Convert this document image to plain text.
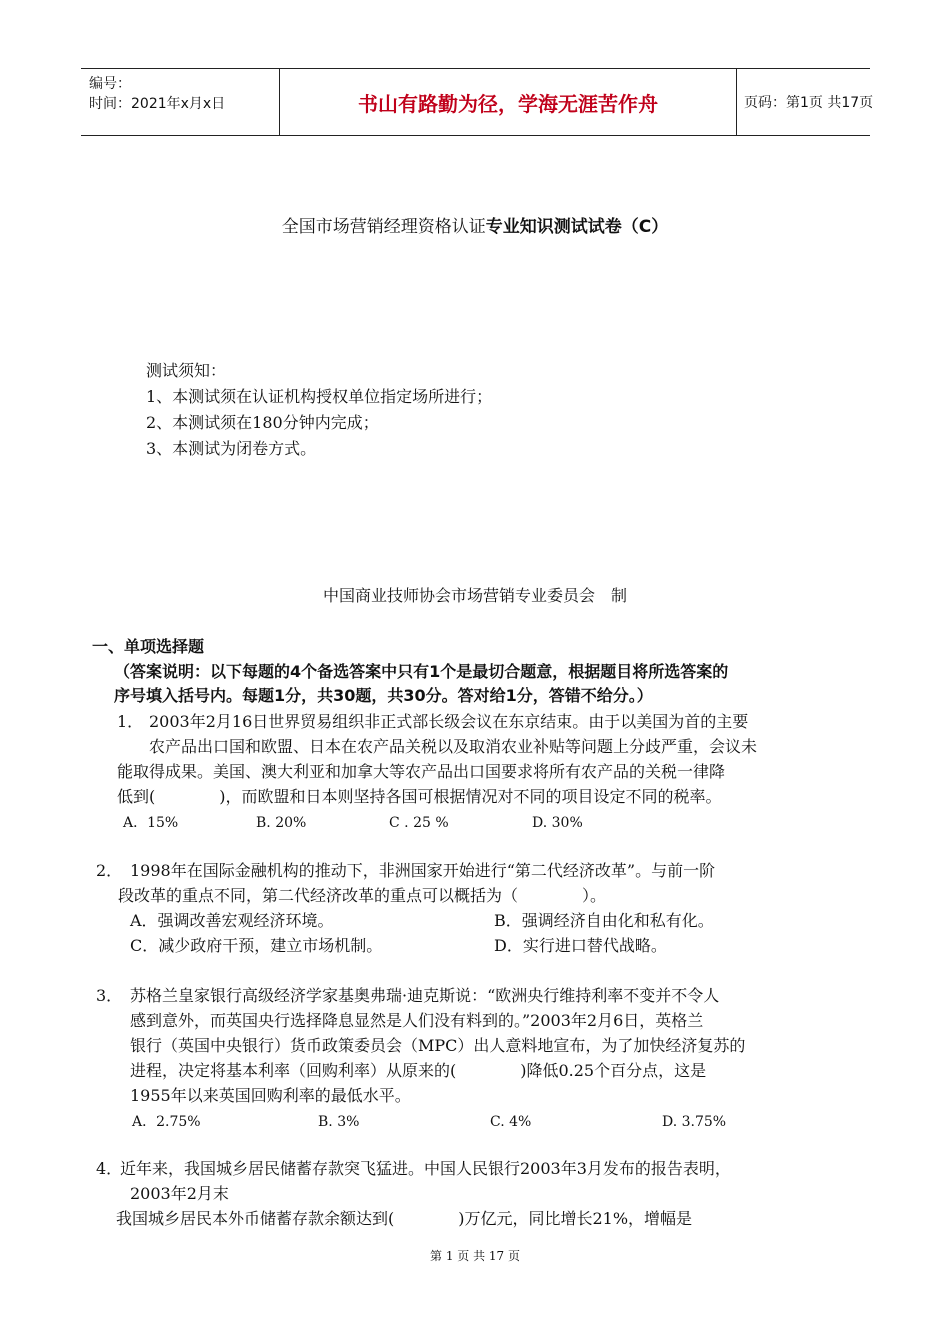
编号：
时间：2021年x月x日	书山有路勤为径，学海无涯苦作舟	页码：第1页 共17页
全国市场营销经理资格认证专业知识测试试卷（C）
测试须知：
1、本测试须在认证机构授权单位指定场所进行；
2、本测试须在180分钟内完成；
3、本测试为闭卷方式。
中国商业技师协会市场营销专业委员会　制
一、单项选择题
（答案说明：以下每题的4个备选答案中只有1个是最切合题意，根据题目将所选答案的
序号填入括号内。每题1分，共30题，共30分。答对给1分，答错不给分。）
1． 2003年2月16日世界贸易组织非正式部长级会议在东京结束。由于以美国为首的主要
农产品出口国和欧盟、日本在农产品关税以及取消农业补贴等问题上分歧严重，会议未
能取得成果。美国、澳大利亚和加拿大等农产品出口国要求将所有农产品的关税一律降
低到(　　　　)，而欧盟和日本则坚持各国可根据情况对不同的项目设定不同的税率。
A．15%	B. 20%	C . 25 %	D. 30%
2． 1998年在国际金融机构的推动下，非洲国家开始进行“第二代经济改革”。与前一阶
段改革的重点不同，第二代经济改革的重点可以概括为（　　　　）。
A．强调改善宏观经济环境。	B．强调经济自由化和私有化。
C．减少政府干预，建立市场机制。	D．实行进口替代战略。
3． 苏格兰皇家银行高级经济学家基奥弗瑞·迪克斯说：“欧洲央行维持利率不变并不令人
感到意外，而英国央行选择降息显然是人们没有料到的。”2003年2月6日，英格兰
银行（英国中央银行）货币政策委员会（MPC）出人意料地宣布，为了加快经济复苏的
进程，决定将基本利率（回购利率）从原来的(　　　　)降低0.25个百分点，这是
1955年以来英国回购利率的最低水平。
A．2.75%	B. 3%	C. 4%	D. 3.75%
4．近年来，我国城乡居民储蓄存款突飞猛进。中国人民银行2003年3月发布的报告表明，
2003年2月末
我国城乡居民本外币储蓄存款余额达到(　　　　)万亿元，同比增长21%，增幅是
第 1 页 共 17 页
